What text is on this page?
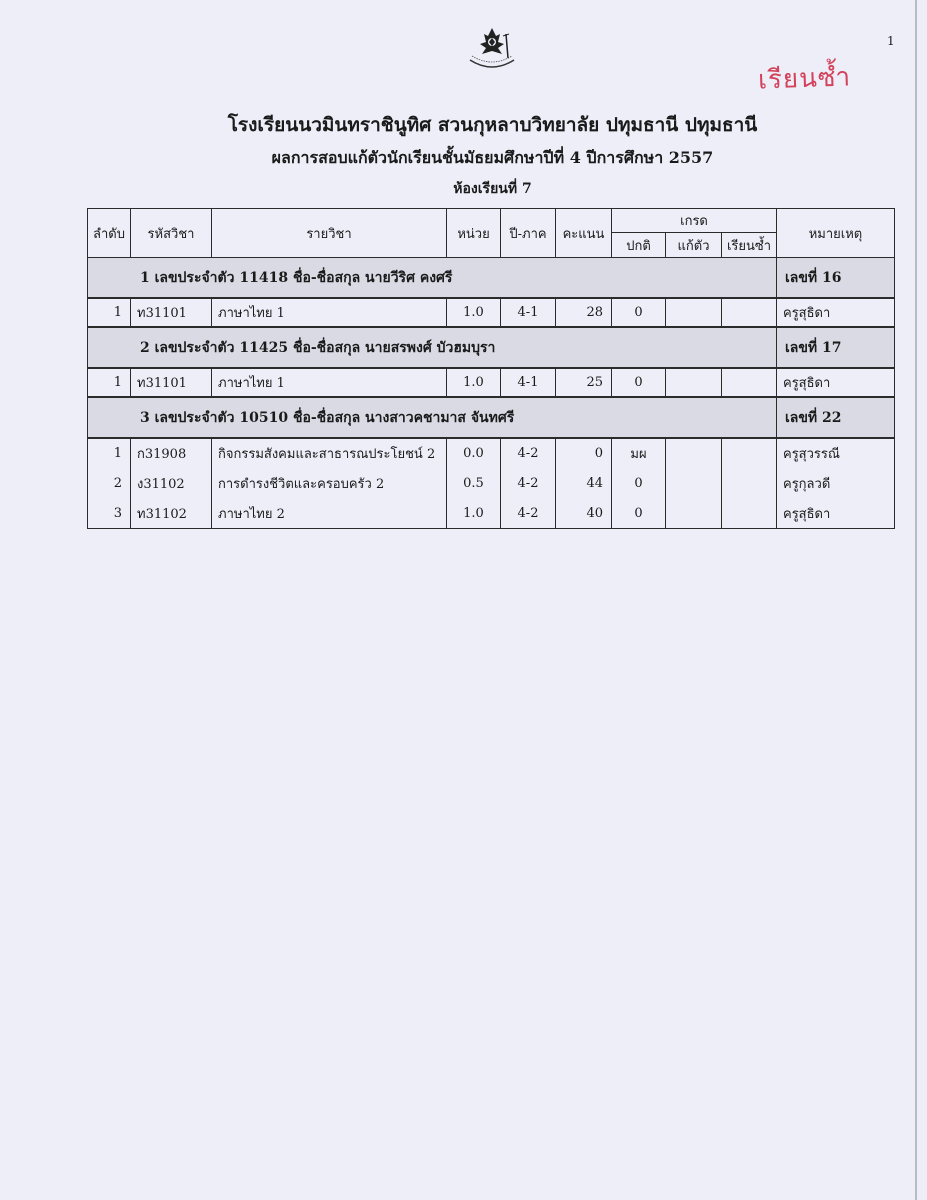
1
เรียนซ้ำ
โรงเรียนนวมินทราชินูทิศ สวนกุหลาบวิทยาลัย ปทุมธานี ปทุมธานี
ผลการสอบแก้ตัวนักเรียนชั้นมัธยมศึกษาปีที่ 4 ปีการศึกษา 2557
ห้องเรียนที่ 7
ลำดับ	รหัสวิชา	รายวิชา	หน่วย	ปี-ภาค	คะแนน	เกรด			หมายเหตุ
						ปกติ	แก้ตัว	เรียนซ้ำ	
1 เลขประจำตัว 11418 ชื่อ-ชื่อสกุล นายวีริศ คงศรี									เลขที่ 16

1	ท31101	ภาษาไทย 1	1.0	4-1	28	0			ครูสุธิดา

2 เลขประจำตัว 11425 ชื่อ-ชื่อสกุล นายสรพงศ์ บัวฮมบุรา									เลขที่ 17

1	ท31101	ภาษาไทย 1	1.0	4-1	25	0			ครูสุธิดา

3 เลขประจำตัว 10510 ชื่อ-ชื่อสกุล นางสาวคชามาส จันทศรี									เลขที่ 22

1	ก31908	กิจกรรมสังคมและสาธารณประโยชน์ 2	0.0	4-2	0	มผ			ครูสุวรรณี
2	ง31102	การดำรงชีวิตและครอบครัว 2	0.5	4-2	44	0			ครูกุลวดี
3	ท31102	ภาษาไทย 2	1.0	4-2	40	0			ครูสุธิดา
